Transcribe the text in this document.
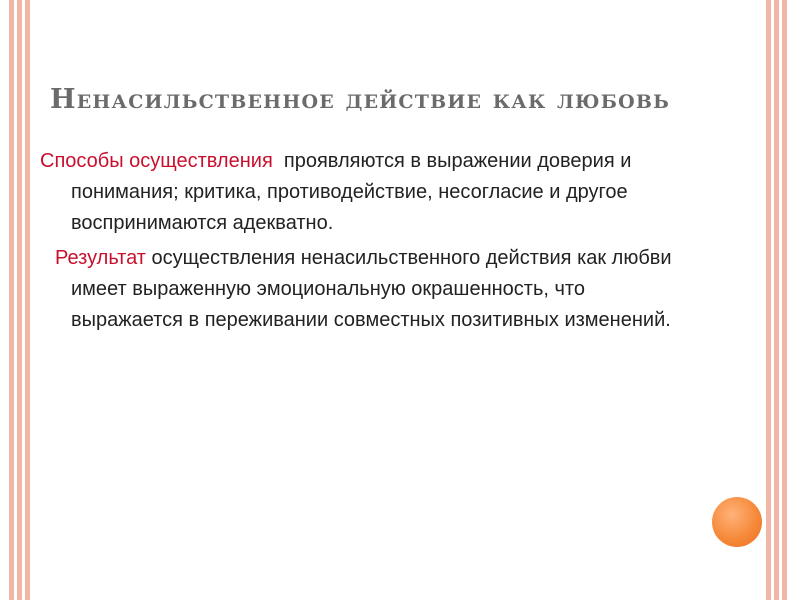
Ненасильственное действие как любовь

Способы осуществления  проявляются в выражении доверия и понимания; критика, противодействие, несогласие и другое воспринимаются адекватно.

Результат осуществления ненасильственного действия как любви имеет выраженную эмоциональную окрашенность, что выражается в переживании совместных позитивных изменений.
